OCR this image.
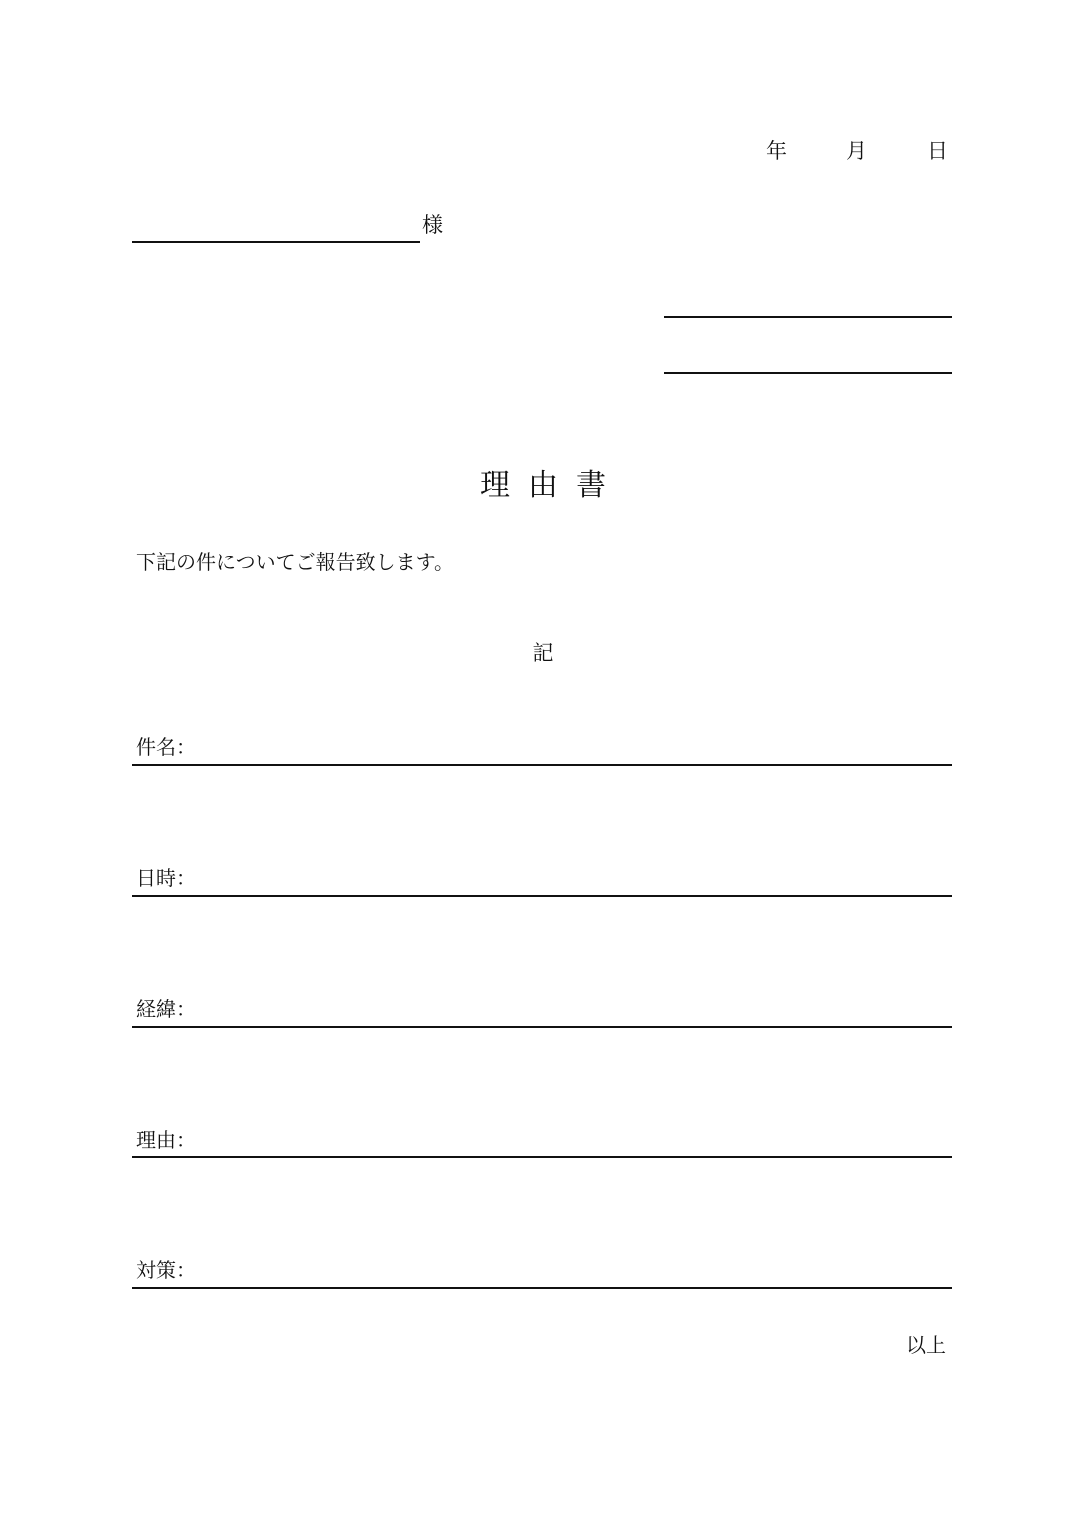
年	月	日
様
理由書
下記の件についてご報告致します。
記
件名：
日時：
経緯：
理由：
対策：
以上
